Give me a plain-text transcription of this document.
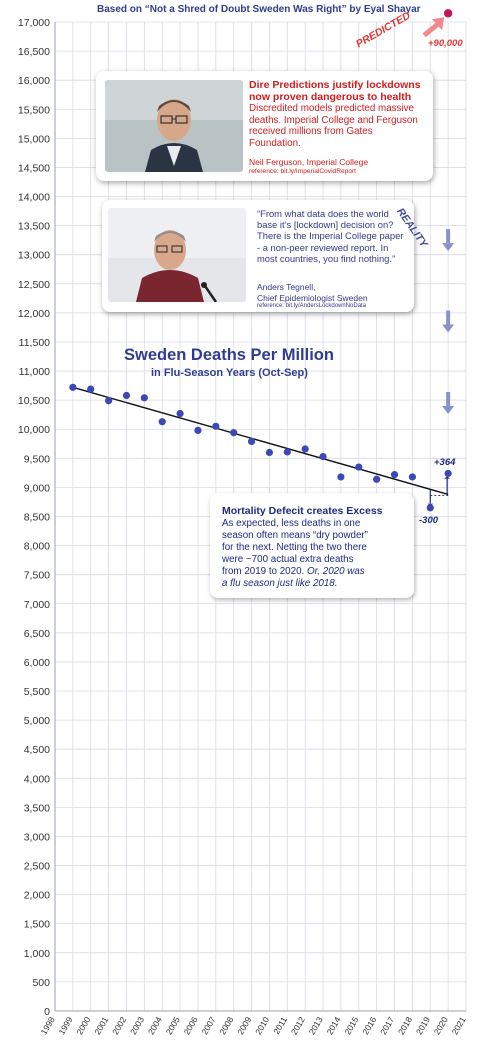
0
500
1,000
1,500
2,000
2,500
3,000
3,500
4,000
4,500
5,000
5,500
6,000
6,500
7,000
7,500
8,000
8,500
9,000
9,500
10,000
10,500
11,000
11,500
12,000
12,500
13,000
13,500
14,000
14,500
15,000
15,500
16,000
16,500
17,000
1998 1999 2000 2001 2002 2003 2004 2005 2006 2007 2008 2009 2010 2011 2012 2013 2014 2015 2016 2017 2018 2019 2020 2021
Based on “Not a Shred of Doubt Sweden Was Right” by Eyal Shayar
Dire Predictions justify lockdowns now proven dangerous to health
Discredited models predicted massive deaths. Imperial College and Ferguson received millions from Gates Foundation.
Neil Ferguson, Imperial College
reference: bit.ly/ImperialCovidReport
“From what data does the world base it’s [lockdown] decision on? There is the Imperial College paper - a non-peer reviewed report. In most countries, you find nothing.”
Anders Tegnell,
Chief Epidemiologist Sweden
reference: bit.ly/AndersLockdownNoData
Mortality Defecit creates Excess
As expected, less deaths in one season often means “dry powder” for the next. Netting the two there were ~700 actual extra deaths from 2019 to 2020. Or, 2020 was a flu season just like 2018.
Sweden Deaths Per Million
in Flu-Season Years (Oct-Sep)
PREDICTED +90,000
REALITY
+364
-300
